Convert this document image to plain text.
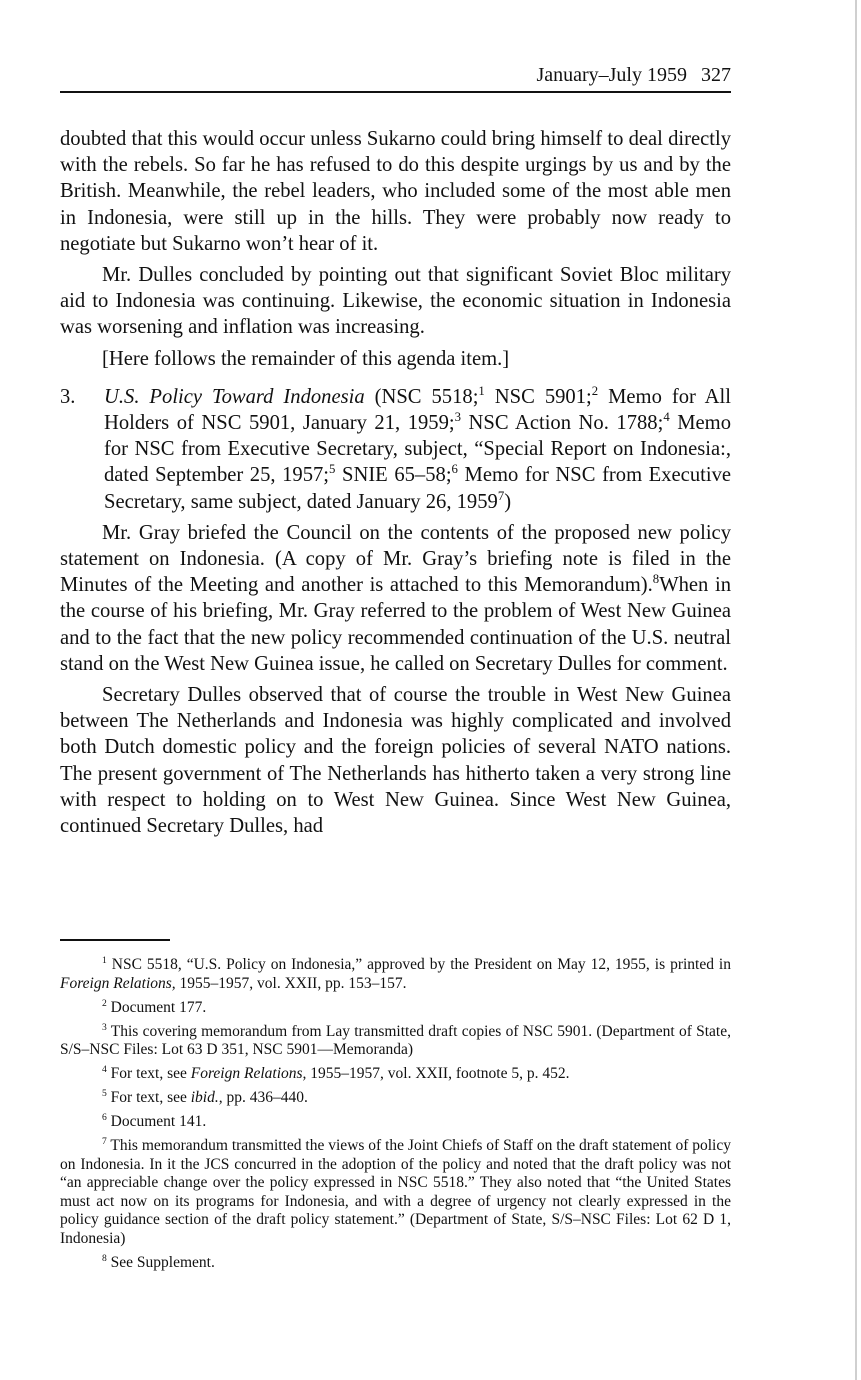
January–July 1959 327

doubted that this would occur unless Sukarno could bring himself to deal directly with the rebels. So far he has refused to do this despite urgings by us and by the British. Meanwhile, the rebel leaders, who included some of the most able men in Indonesia, were still up in the hills. They were probably now ready to negotiate but Sukarno won’t hear of it.

Mr. Dulles concluded by pointing out that significant Soviet Bloc military aid to Indonesia was continuing. Likewise, the economic situation in Indonesia was worsening and inflation was increasing.

[Here follows the remainder of this agenda item.]

3.	U.S. Policy Toward Indonesia (NSC 5518;$^1$ NSC 5901;$^2$ Memo for All Holders of NSC 5901, January 21, 1959;$^3$ NSC Action No. 1788;$^4$ Memo for NSC from Executive Secretary, subject, “Special Report on Indonesia:, dated September 25, 1957;$^5$ SNIE 65–58;$^6$ Memo for NSC from Executive Secretary, same subject, dated January 26, 1959$^7$)

Mr. Gray briefed the Council on the contents of the proposed new policy statement on Indonesia. (A copy of Mr. Gray’s briefing note is filed in the Minutes of the Meeting and another is attached to this Memorandum).$^8$When in the course of his briefing, Mr. Gray referred to the problem of West New Guinea and to the fact that the new policy recommended continuation of the U.S. neutral stand on the West New Guinea issue, he called on Secretary Dulles for comment.

Secretary Dulles observed that of course the trouble in West New Guinea between The Netherlands and Indonesia was highly complicated and involved both Dutch domestic policy and the foreign policies of several NATO nations. The present government of The Netherlands has hitherto taken a very strong line with respect to holding on to West New Guinea. Since West New Guinea, continued Secretary Dulles, had

$^1$ NSC 5518, “U.S. Policy on Indonesia,” approved by the President on May 12, 1955, is printed in Foreign Relations, 1955–1957, vol. XXII, pp. 153–157.

$^2$ Document 177.

$^3$ This covering memorandum from Lay transmitted draft copies of NSC 5901. (Department of State, S/S–NSC Files: Lot 63 D 351, NSC 5901—Memoranda)

$^4$ For text, see Foreign Relations, 1955–1957, vol. XXII, footnote 5, p. 452.

$^5$ For text, see ibid., pp. 436–440.

$^6$ Document 141.

$^7$ This memorandum transmitted the views of the Joint Chiefs of Staff on the draft statement of policy on Indonesia. In it the JCS concurred in the adoption of the policy and noted that the draft policy was not “an appreciable change over the policy expressed in NSC 5518.” They also noted that “the United States must act now on its programs for Indonesia, and with a degree of urgency not clearly expressed in the policy guidance section of the draft policy statement.” (Department of State, S/S–NSC Files: Lot 62 D 1, Indonesia)

$^8$ See Supplement.
